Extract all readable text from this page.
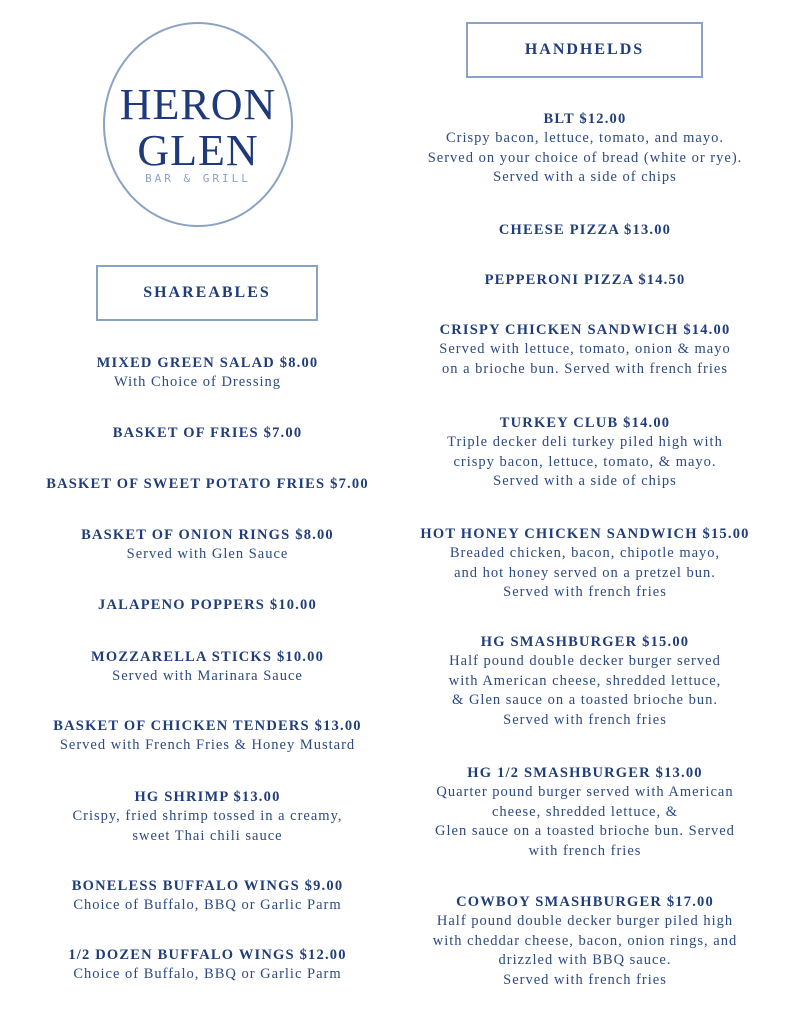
HERON
GLEN
BAR & GRILL
HANDHELDS
SHAREABLES
MIXED GREEN SALAD $8.00
With Choice of Dressing
BASKET OF FRIES $7.00
BASKET OF SWEET POTATO FRIES $7.00
BASKET OF ONION RINGS $8.00
Served with Glen Sauce
JALAPENO POPPERS $10.00
MOZZARELLA STICKS $10.00
Served with Marinara Sauce
BASKET OF CHICKEN TENDERS $13.00
Served with French Fries & Honey Mustard
HG SHRIMP $13.00
Crispy, fried shrimp tossed in a creamy,
sweet Thai chili sauce
BONELESS BUFFALO WINGS $9.00
Choice of Buffalo, BBQ or Garlic Parm
1/2 DOZEN BUFFALO WINGS $12.00
Choice of Buffalo, BBQ or Garlic Parm
BLT $12.00
Crispy bacon, lettuce, tomato, and mayo.
Served on your choice of bread (white or rye).
Served with a side of chips
CHEESE PIZZA $13.00
PEPPERONI PIZZA $14.50
CRISPY CHICKEN SANDWICH $14.00
Served with lettuce, tomato, onion & mayo
on a brioche bun. Served with french fries
TURKEY CLUB $14.00
Triple decker deli turkey piled high with
crispy bacon, lettuce, tomato, & mayo.
Served with a side of chips
HOT HONEY CHICKEN SANDWICH $15.00
Breaded chicken, bacon, chipotle mayo,
and hot honey served on a pretzel bun.
Served with french fries
HG SMASHBURGER $15.00
Half pound double decker burger served
with American cheese, shredded lettuce,
& Glen sauce on a toasted brioche bun.
Served with french fries
HG 1/2 SMASHBURGER $13.00
Quarter pound burger served with American
cheese, shredded lettuce, &
Glen sauce on a toasted brioche bun. Served
with french fries
COWBOY SMASHBURGER $17.00
Half pound double decker burger piled high
with cheddar cheese, bacon, onion rings, and
drizzled with BBQ sauce.
Served with french fries
